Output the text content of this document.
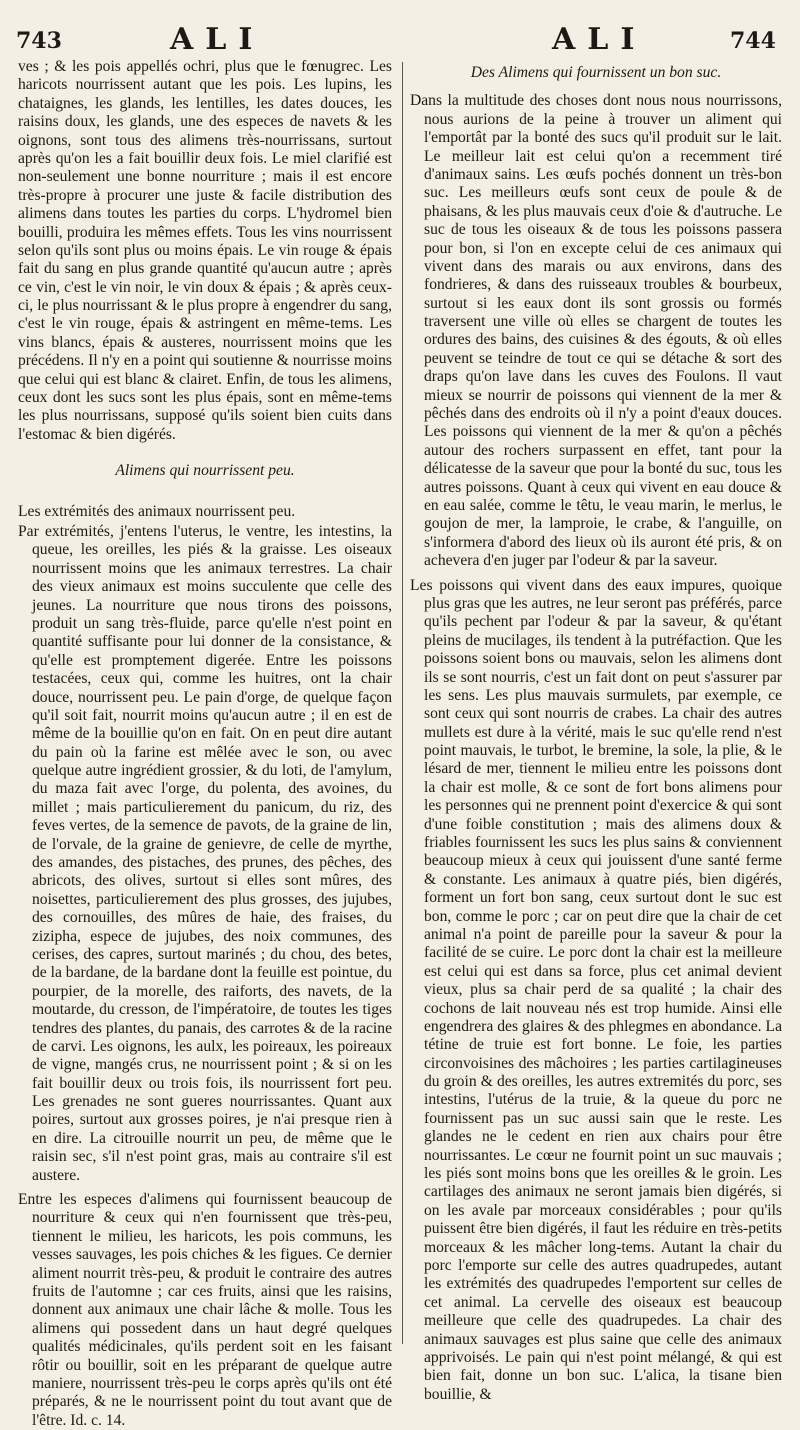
743	ALI	ALI	744

ves ; & les pois appellés ochri, plus que le fœnugrec. Les haricots nourrissent autant que les pois. Les lupins, les chataignes, les glands, les lentilles, les dates douces, les raisins doux, les glands, une des especes de navets & les oignons, sont tous des alimens très-nourrissans, surtout après qu'on les a fait bouillir deux fois. Le miel clarifié est non-seulement une bonne nourriture ; mais il est encore très-propre à procurer une juste & facile distribution des alimens dans toutes les parties du corps. L'hydromel bien bouilli, produira les mêmes effets. Tous les vins nourrissent selon qu'ils sont plus ou moins épais. Le vin rouge & épais fait du sang en plus grande quantité qu'aucun autre ; après ce vin, c'est le vin noir, le vin doux & épais ; & après ceux-ci, le plus nourrissant & le plus propre à engendrer du sang, c'est le vin rouge, épais & astringent en même-tems. Les vins blancs, épais & austeres, nourrissent moins que les précédens. Il n'y en a point qui soutienne & nourrisse moins que celui qui est blanc & clairet. Enfin, de tous les alimens, ceux dont les sucs sont les plus épais, sont en même-tems les plus nourrissans, supposé qu'ils soient bien cuits dans l'estomac & bien digérés.

Alimens qui nourrissent peu.

Les extrémités des animaux nourrissent peu.

Par extrémités, j'entens l'uterus, le ventre, les intestins, la queue, les oreilles, les piés & la graisse. Les oiseaux nourrissent moins que les animaux terrestres. La chair des vieux animaux est moins succulente que celle des jeunes. La nourriture que nous tirons des poissons, produit un sang très-fluide, parce qu'elle n'est point en quantité suffisante pour lui donner de la consistance, & qu'elle est promptement digerée. Entre les poissons testacées, ceux qui, comme les huitres, ont la chair douce, nourrissent peu. Le pain d'orge, de quelque façon qu'il soit fait, nourrit moins qu'aucun autre ; il en est de même de la bouillie qu'on en fait. On en peut dire autant du pain où la farine est mêlée avec le son, ou avec quelque autre ingrédient grossier, & du loti, de l'amylum, du maza fait avec l'orge, du polenta, des avoines, du millet ; mais particulierement du panicum, du riz, des feves vertes, de la semence de pavots, de la graine de lin, de l'orvale, de la graine de genievre, de celle de myrthe, des amandes, des pistaches, des prunes, des pêches, des abricots, des olives, surtout si elles sont mûres, des noisettes, particulierement des plus grosses, des jujubes, des cornouilles, des mûres de haie, des fraises, du zizipha, espece de jujubes, des noix communes, des cerises, des capres, surtout marinés ; du chou, des betes, de la bardane, de la bardane dont la feuille est pointue, du pourpier, de la morelle, des raiforts, des navets, de la moutarde, du cresson, de l'impératoire, de toutes les tiges tendres des plantes, du panais, des carrotes & de la racine de carvi. Les oignons, les aulx, les poireaux, les poireaux de vigne, mangés crus, ne nourrissent point ; & si on les fait bouillir deux ou trois fois, ils nourrissent fort peu. Les grenades ne sont gueres nourrissantes. Quant aux poires, surtout aux grosses poires, je n'ai presque rien à en dire. La citrouille nourrit un peu, de même que le raisin sec, s'il n'est point gras, mais au contraire s'il est austere.

Entre les especes d'alimens qui fournissent beaucoup de nourriture & ceux qui n'en fournissent que très-peu, tiennent le milieu, les haricots, les pois communs, les vesses sauvages, les pois chiches & les figues. Ce dernier aliment nourrit très-peu, & produit le contraire des autres fruits de l'automne ; car ces fruits, ainsi que les raisins, donnent aux animaux une chair lâche & molle. Tous les alimens qui possedent dans un haut degré quelques qualités médicinales, qu'ils perdent soit en les faisant rôtir ou bouillir, soit en les préparant de quelque autre maniere, nourrissent très-peu le corps après qu'ils ont été préparés, & ne le nourrissent point du tout avant que de l'être. Id. c. 14.

Des Alimens qui fournissent un bon suc.

Dans la multitude des choses dont nous nous nourrissons, nous aurions de la peine à trouver un aliment qui l'emportât par la bonté des sucs qu'il produit sur le lait. Le meilleur lait est celui qu'on a recemment tiré d'animaux sains. Les œufs pochés donnent un très-bon suc. Les meilleurs œufs sont ceux de poule & de phaisans, & les plus mauvais ceux d'oie & d'autruche. Le suc de tous les oiseaux & de tous les poissons passera pour bon, si l'on en excepte celui de ces animaux qui vivent dans des marais ou aux environs, dans des fondrieres, & dans des ruisseaux troubles & bourbeux, surtout si les eaux dont ils sont grossis ou formés traversent une ville où elles se chargent de toutes les ordures des bains, des cuisines & des égouts, & où elles peuvent se teindre de tout ce qui se détache & sort des draps qu'on lave dans les cuves des Foulons. Il vaut mieux se nourrir de poissons qui viennent de la mer & pêchés dans des endroits où il n'y a point d'eaux douces. Les poissons qui viennent de la mer & qu'on a pêchés autour des rochers surpassent en effet, tant pour la délicatesse de la saveur que pour la bonté du suc, tous les autres poissons. Quant à ceux qui vivent en eau douce & en eau salée, comme le têtu, le veau marin, le merlus, le goujon de mer, la lamproie, le crabe, & l'anguille, on s'informera d'abord des lieux où ils auront été pris, & on achevera d'en juger par l'odeur & par la saveur.

Les poissons qui vivent dans des eaux impures, quoique plus gras que les autres, ne leur seront pas préférés, parce qu'ils pechent par l'odeur & par la saveur, & qu'étant pleins de mucilages, ils tendent à la putréfaction. Que les poissons soient bons ou mauvais, selon les alimens dont ils se sont nourris, c'est un fait dont on peut s'assurer par les sens. Les plus mauvais surmulets, par exemple, ce sont ceux qui sont nourris de crabes. La chair des autres mullets est dure à la vérité, mais le suc qu'elle rend n'est point mauvais, le turbot, le bremine, la sole, la plie, & le lésard de mer, tiennent le milieu entre les poissons dont la chair est molle, & ce sont de fort bons alimens pour les personnes qui ne prennent point d'exercice & qui sont d'une foible constitution ; mais des alimens doux & friables fournissent les sucs les plus sains & conviennent beaucoup mieux à ceux qui jouissent d'une santé ferme & constante. Les animaux à quatre piés, bien digérés, forment un fort bon sang, ceux surtout dont le suc est bon, comme le porc ; car on peut dire que la chair de cet animal n'a point de pareille pour la saveur & pour la facilité de se cuire. Le porc dont la chair est la meilleure est celui qui est dans sa force, plus cet animal devient vieux, plus sa chair perd de sa qualité ; la chair des cochons de lait nouveau nés est trop humide. Ainsi elle engendrera des glaires & des phlegmes en abondance. La tétine de truie est fort bonne. Le foie, les parties circonvoisines des mâchoires ; les parties cartilagineuses du groin & des oreilles, les autres extremités du porc, ses intestins, l'utérus de la truie, & la queue du porc ne fournissent pas un suc aussi sain que le reste. Les glandes ne le cedent en rien aux chairs pour être nourrissantes. Le cœur ne fournit point un suc mauvais ; les piés sont moins bons que les oreilles & le groin. Les cartilages des animaux ne seront jamais bien digérés, si on les avale par morceaux considérables ; pour qu'ils puissent être bien digérés, il faut les réduire en très-petits morceaux & les mâcher long-tems. Autant la chair du porc l'emporte sur celle des autres quadrupedes, autant les extrémités des quadrupedes l'emportent sur celles de cet animal. La cervelle des oiseaux est beaucoup meilleure que celle des quadrupedes. La chair des animaux sauvages est plus saine que celle des animaux apprivoisés. Le pain qui n'est point mélangé, & qui est bien fait, donne un bon suc. L'alica, la tisane bien bouillie, &
